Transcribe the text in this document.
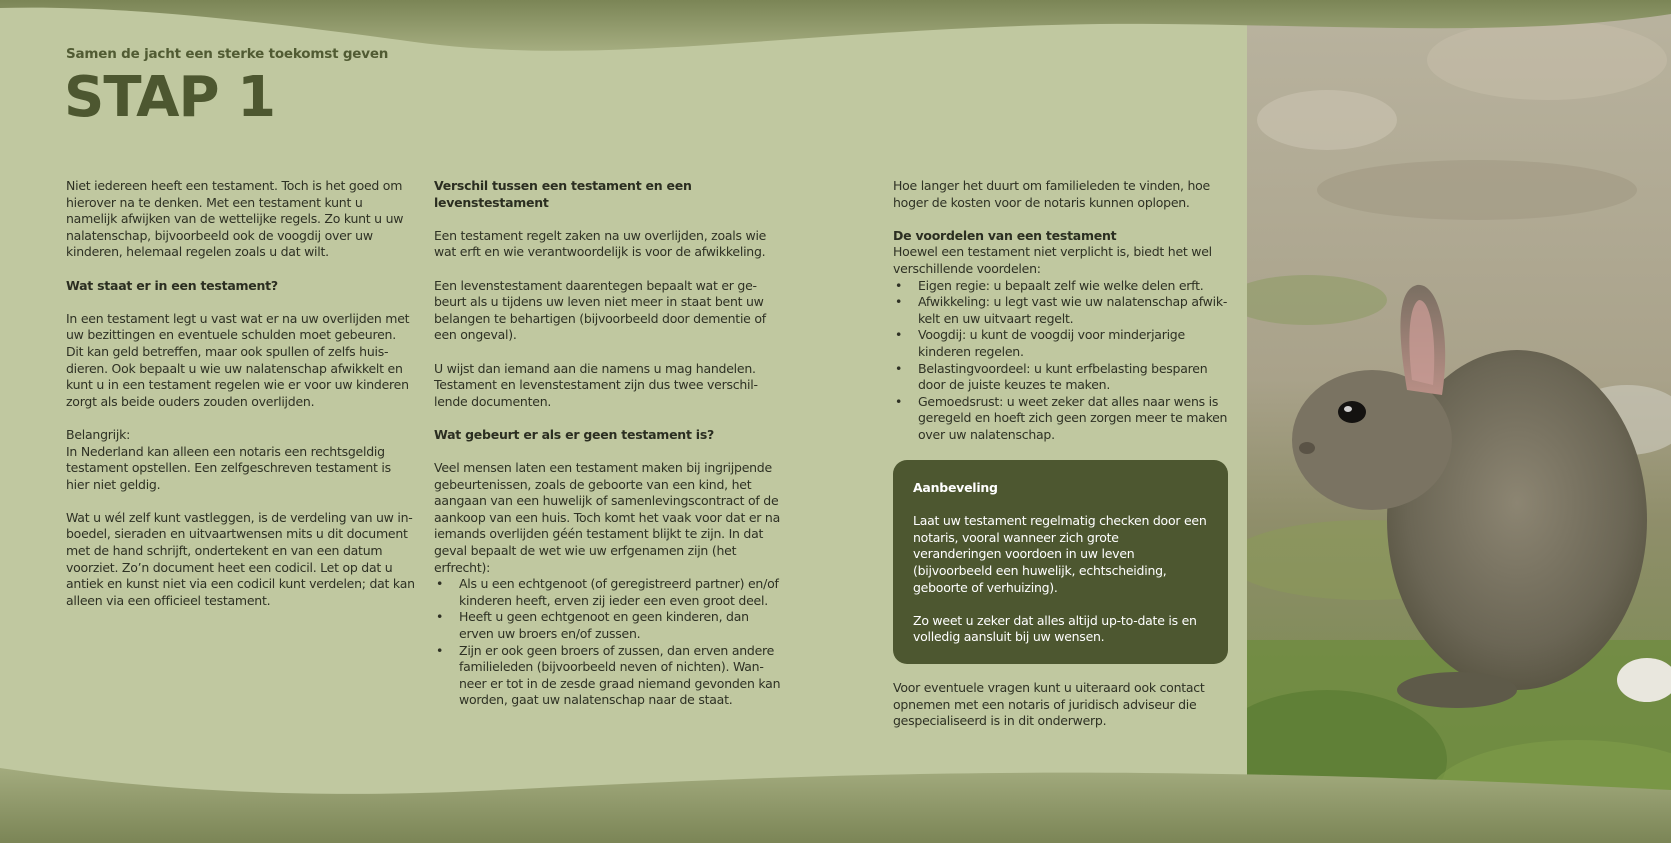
Samen de jacht een sterke toekomst geven
STAP 1

Niet iedereen heeft een testament. Toch is het goed om hierover na te denken. Met een testament kunt u namelijk afwijken van de wettelijke regels. Zo kunt u uw nalatenschap, bijvoorbeeld ook de voogdij over uw kinderen, helemaal regelen zoals u dat wilt.

Wat staat er in een testament?

In een testament legt u vast wat er na uw overlijden met uw bezittingen en eventuele schulden moet gebeuren. Dit kan geld betreffen, maar ook spullen of zelfs huisdieren. Ook bepaalt u wie uw nalatenschap afwikkelt en kunt u in een testament regelen wie er voor uw kinderen zorgt als beide ouders zouden overlijden.

Belangrijk:
In Nederland kan alleen een notaris een rechtsgeldig testament opstellen. Een zelfgeschreven testament is hier niet geldig.

Wat u wél zelf kunt vastleggen, is de verdeling van uw inboedel, sieraden en uitvaartwensen mits u dit document met de hand schrijft, ondertekent en van een datum voorziet. Zo’n document heet een codicil. Let op dat u antiek en kunst niet via een codicil kunt verdelen; dat kan alleen via een officieel testament.

Verschil tussen een testament en een levenstestament

Een testament regelt zaken na uw overlijden, zoals wie wat erft en wie verantwoordelijk is voor de afwikkeling.

Een levenstestament daarentegen bepaalt wat er gebeurt als u tijdens uw leven niet meer in staat bent uw belangen te behartigen (bijvoorbeeld door dementie of een ongeval).

U wijst dan iemand aan die namens u mag handelen. Testament en levenstestament zijn dus twee verschillende documenten.

Wat gebeurt er als er geen testament is?

Veel mensen laten een testament maken bij ingrijpende gebeurtenissen, zoals de geboorte van een kind, het aangaan van een huwelijk of samenlevingscontract of de aankoop van een huis. Toch komt het vaak voor dat er na iemands overlijden géén testament blijkt te zijn. In dat geval bepaalt de wet wie uw erfgenamen zijn (het erfrecht):

• Als u een echtgenoot (of geregistreerd partner) en/of kinderen heeft, erven zij ieder een even groot deel.
• Heeft u geen echtgenoot en geen kinderen, dan erven uw broers en/of zussen.
• Zijn er ook geen broers of zussen, dan erven andere familieleden (bijvoorbeeld neven of nichten). Wanneer er tot in de zesde graad niemand gevonden kan worden, gaat uw nalatenschap naar de staat.

Hoe langer het duurt om familieleden te vinden, hoe hoger de kosten voor de notaris kunnen oplopen.

De voordelen van een testament

Hoewel een testament niet verplicht is, biedt het wel verschillende voordelen:

• Eigen regie: u bepaalt zelf wie welke delen erft.
• Afwikkeling: u legt vast wie uw nalatenschap afwikkelt en uw uitvaart regelt.
• Voogdij: u kunt de voogdij voor minderjarige kinderen regelen.
• Belastingvoordeel: u kunt erfbelasting besparen door de juiste keuzes te maken.
• Gemoedsrust: u weet zeker dat alles naar wens is geregeld en hoeft zich geen zorgen meer te maken over uw nalatenschap.
Aanbeveling

Laat uw testament regelmatig checken door een notaris, vooral wanneer zich grote veranderingen voordoen in uw leven (bijvoorbeeld een huwelijk, echtscheiding, geboorte of verhuizing).

Zo weet u zeker dat alles altijd up-to-date is en volledig aansluit bij uw wensen.

Voor eventuele vragen kunt u uiteraard ook contact opnemen met een notaris of juridisch adviseur die gespecialiseerd is in dit onderwerp.
